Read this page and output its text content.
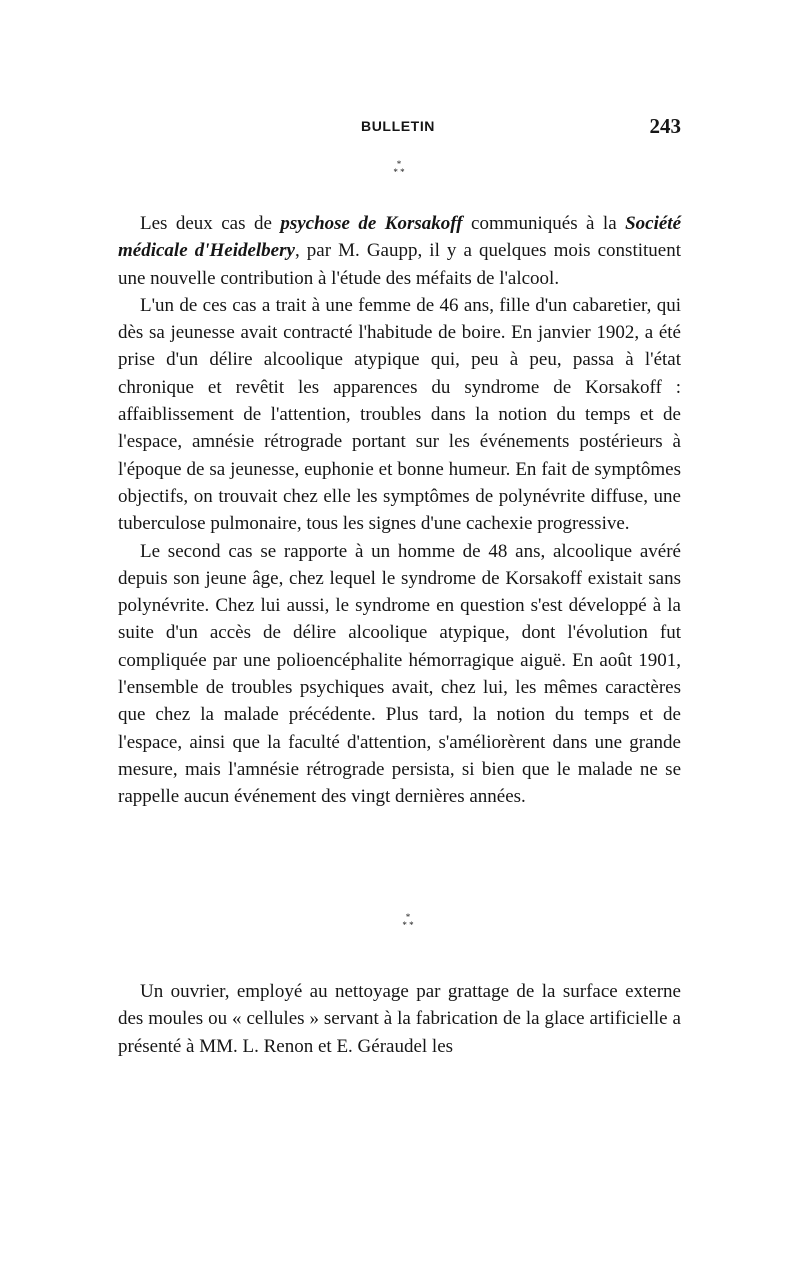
BULLETIN	243
*
* *

Les deux cas de psychose de Korsakoff communiqués à la Société médicale d'Heidelbery, par M. Gaupp, il y a quelques mois constituent une nouvelle contribution à l'étude des méfaits de l'alcool.

L'un de ces cas a trait à une femme de 46 ans, fille d'un cabaretier, qui dès sa jeunesse avait contracté l'habitude de boire. En janvier 1902, a été prise d'un délire alcoolique atypique qui, peu à peu, passa à l'état chronique et revêtit les apparences du syndrome de Korsakoff : affaiblissement de l'attention, troubles dans la notion du temps et de l'espace, amnésie rétrograde portant sur les événements postérieurs à l'époque de sa jeunesse, euphonie et bonne humeur. En fait de symptômes objectifs, on trouvait chez elle les symptômes de polynévrite diffuse, une tuberculose pulmonaire, tous les signes d'une cachexie progressive.

Le second cas se rapporte à un homme de 48 ans, alcoolique avéré depuis son jeune âge, chez lequel le syndrome de Korsakoff existait sans polynévrite. Chez lui aussi, le syndrome en question s'est développé à la suite d'un accès de délire alcoolique atypique, dont l'évolution fut compliquée par une polioencéphalite hémorragique aiguë. En août 1901, l'ensemble de troubles psychiques avait, chez lui, les mêmes caractères que chez la malade précédente. Plus tard, la notion du temps et de l'espace, ainsi que la faculté d'attention, s'améliorèrent dans une grande mesure, mais l'amnésie rétrograde persista, si bien que le malade ne se rappelle aucun événement des vingt dernières années.

*
* *

Un ouvrier, employé au nettoyage par grattage de la surface externe des moules ou « cellules » servant à la fabrication de la glace artificielle a présenté à MM. L. Renon et E. Géraudel les
